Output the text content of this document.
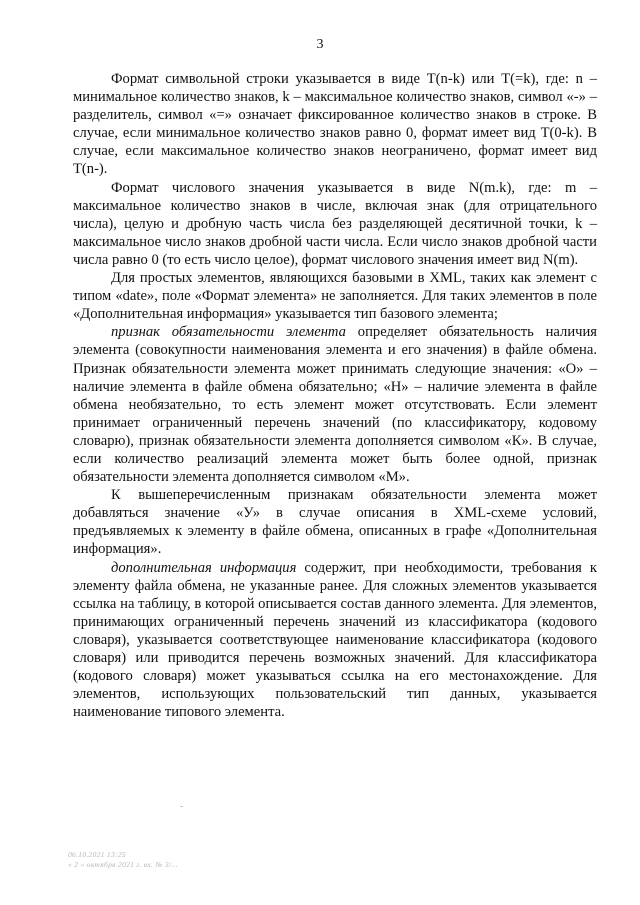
3

Формат символьной строки указывается в виде T(n-k) или T(=k), где: n – минимальное количество знаков, k – максимальное количество знаков, символ «-» – разделитель, символ «=» означает фиксированное количество знаков в строке. В случае, если минимальное количество знаков равно 0, формат имеет вид T(0-k). В случае, если максимальное количество знаков неограничено, формат имеет вид T(n-).

Формат числового значения указывается в виде N(m.k), где: m – максимальное количество знаков в числе, включая знак (для отрицательного числа), целую и дробную часть числа без разделяющей десятичной точки, k – максимальное число знаков дробной части числа. Если число знаков дробной части числа равно 0 (то есть число целое), формат числового значения имеет вид N(m).

Для простых элементов, являющихся базовыми в XML, таких как элемент с типом «date», поле «Формат элемента» не заполняется. Для таких элементов в поле «Дополнительная информация» указывается тип базового элемента;

признак обязательности элемента определяет обязательность наличия элемента (совокупности наименования элемента и его значения) в файле обмена. Признак обязательности элемента может принимать следующие значения: «О» – наличие элемента в файле обмена обязательно; «Н» – наличие элемента в файле обмена необязательно, то есть элемент может отсутствовать. Если элемент принимает ограниченный перечень значений (по классификатору, кодовому словарю), признак обязательности элемента дополняется символом «К». В случае, если количество реализаций элемента может быть более одной, признак обязательности элемента дополняется символом «М».

К вышеперечисленным признакам обязательности элемента может добавляться значение «У» в случае описания в XML-схеме условий, предъявляемых к элементу в файле обмена, описанных в графе «Дополнительная информация».

дополнительная информация содержит, при необходимости, требования к элементу файла обмена, не указанные ранее. Для сложных элементов указывается ссылка на таблицу, в которой описывается состав данного элемента. Для элементов, принимающих ограниченный перечень значений из классификатора (кодового словаря), указывается соответствующее наименование классификатора (кодового словаря) или приводится перечень возможных значений. Для классификатора (кодового словаря) может указываться ссылка на его местонахождение. Для элементов, использующих пользовательский тип данных, указывается наименование типового элемента.

06.10.2021 13:25
« 2 » октября 2021 г. вх. № 3/...
